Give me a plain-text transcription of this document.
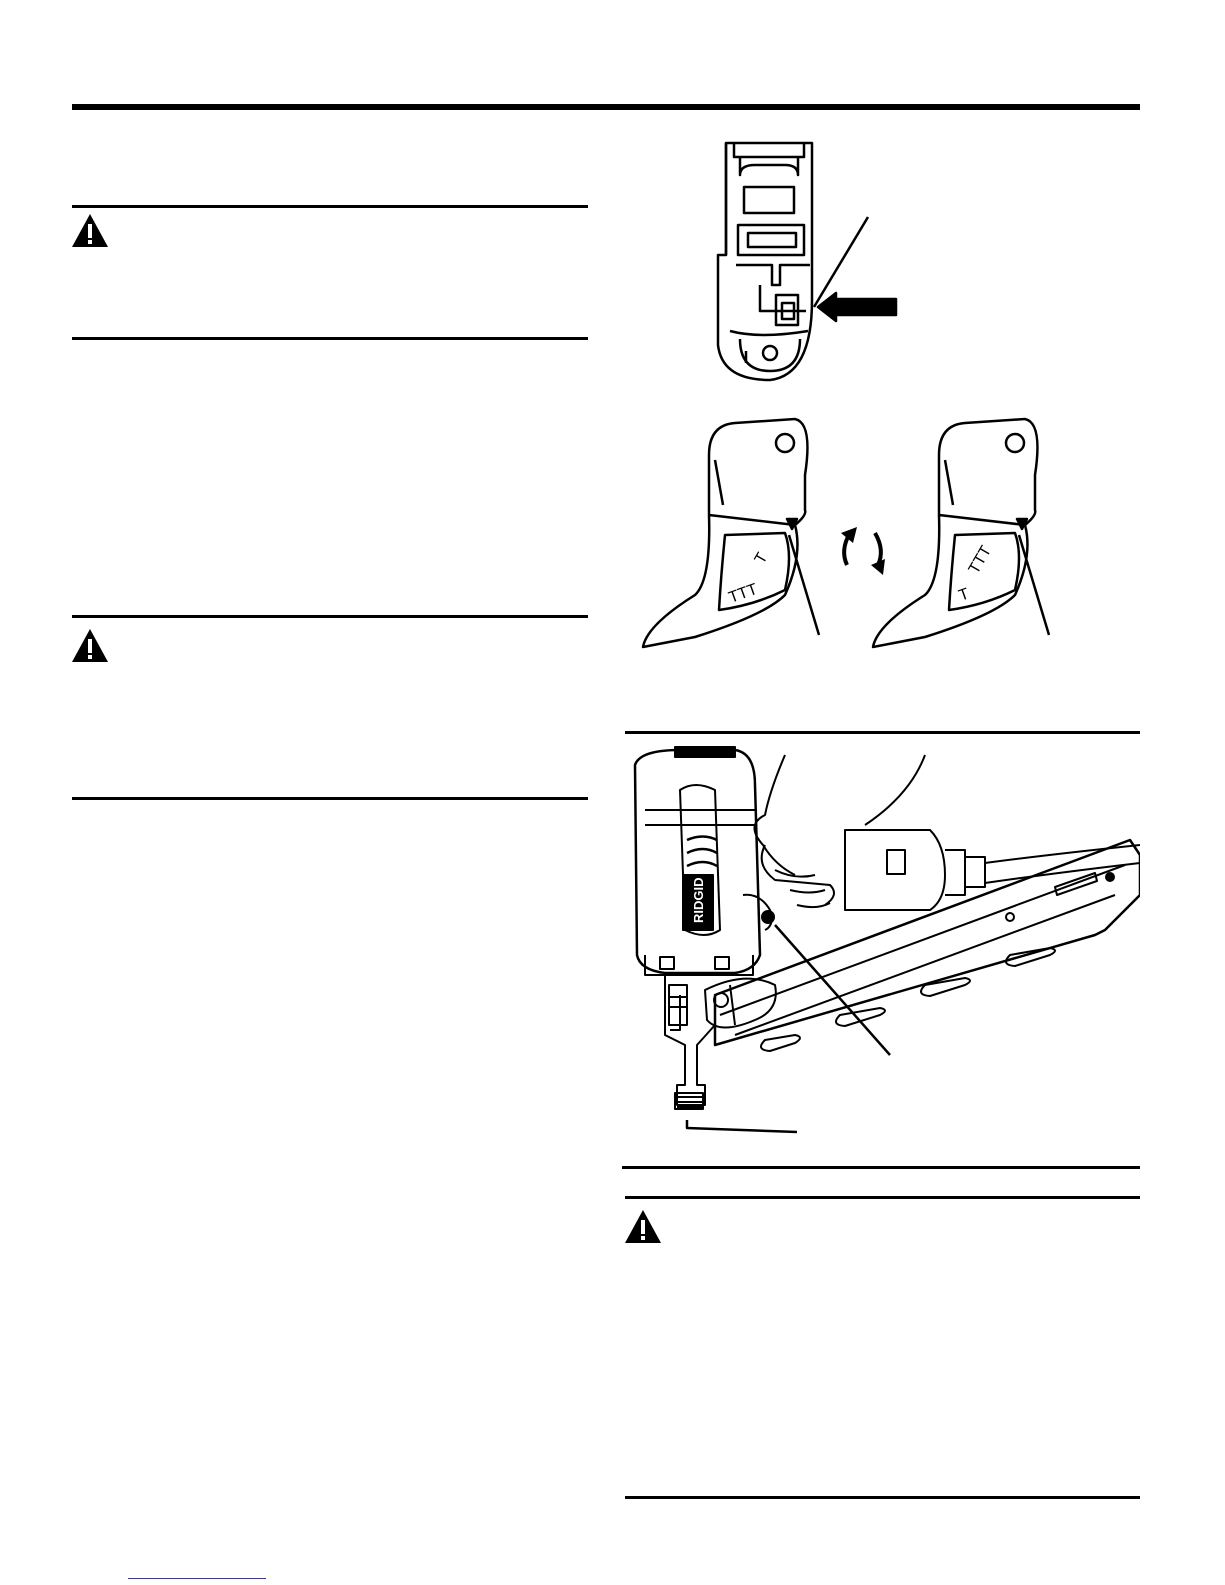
TTT
T	TTT
T
RIDGID
